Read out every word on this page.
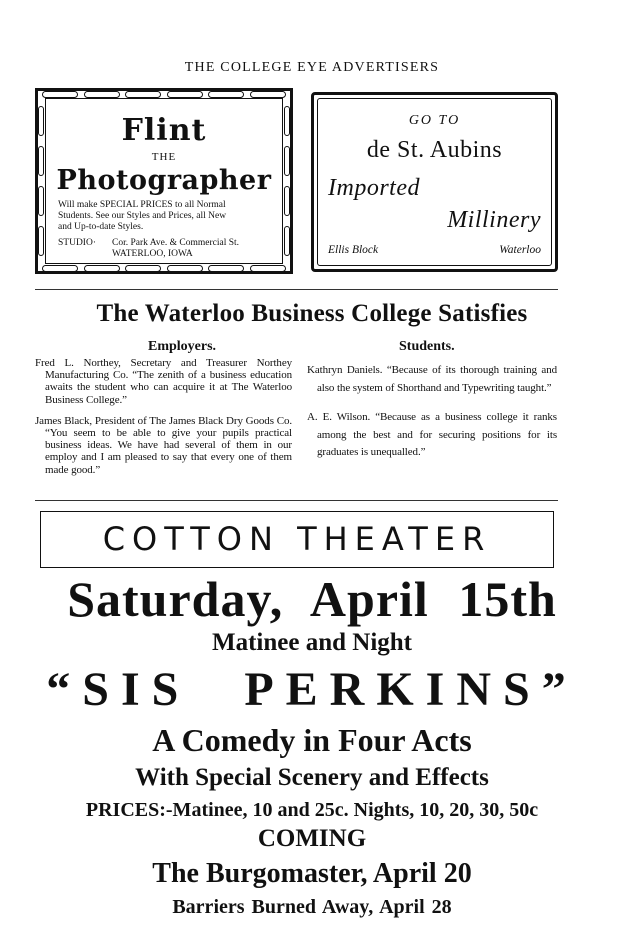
THE COLLEGE EYE ADVERTISERS
Flint
THE
Photographer
Will make SPECIAL PRICES to all Normal
Students. See our Styles and Prices, all New
and Up-to-date Styles.
STUDIO·	Cor. Park Ave. & Commercial St.
WATERLOO, IOWA
GO TO
de St. Aubins
Imported
Millinery
Ellis Block	Waterloo
The Waterloo Business College Satisfies
Employers.	Students.

Fred L. Northey, Secretary and Treasurer Northey Manufacturing Co. “The zenith of a business education awaits the student who can acquire it at The Waterloo Business College.”

James Black, President of The James Black Dry Goods Co. “You seem to be able to give your pupils practical business ideas. We have had several of them in our employ and I am pleased to say that every one of them made good.”

Kathryn Daniels. “Because of its thorough training and also the system of Shorthand and Typewriting taught.”

A. E. Wilson. “Because as a business college it ranks among the best and for securing positions for its graduates is unequalled.”

COTTON THEATER
Saturday, April 15th
Matinee and Night
“SIS PERKINS”
A Comedy in Four Acts
With Special Scenery and Effects
PRICES:-Matinee, 10 and 25c. Nights, 10, 20, 30, 50c
COMING
The Burgomaster, April 20
Barriers Burned Away, April 28
